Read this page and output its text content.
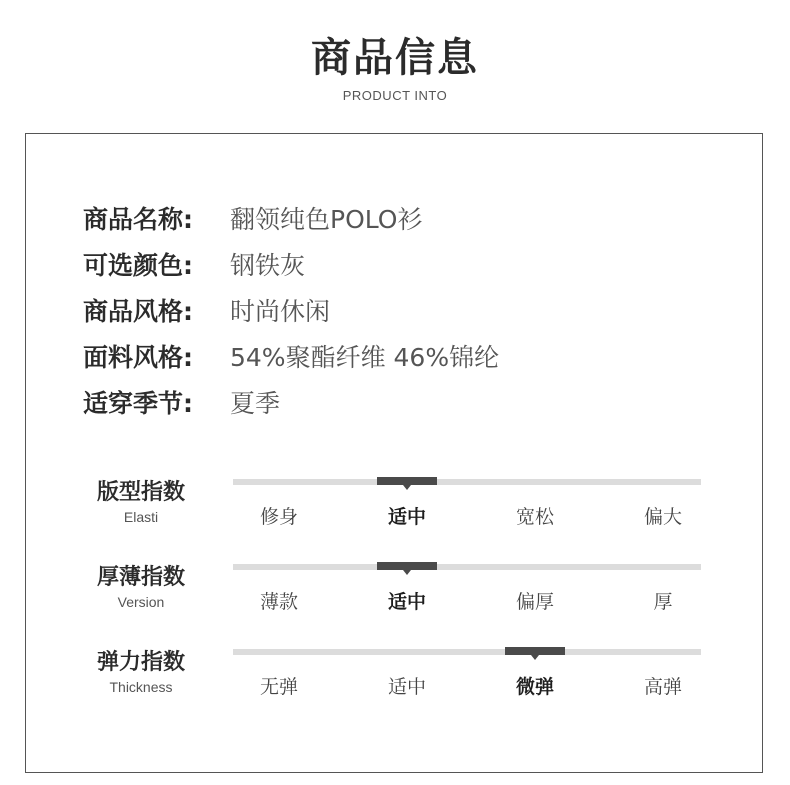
商品信息
PRODUCT INTO
商品名称: 翻领纯色POLO衫
可选颜色: 钢铁灰
商品风格: 时尚休闲
面料风格: 54%聚酯纤维 46%锦纶
适穿季节: 夏季
版型指数
Elasti	修身	适中	宽松	偏大
厚薄指数
Version	薄款	适中	偏厚	厚
弹力指数
Thickness	无弹	适中	微弹	高弹
